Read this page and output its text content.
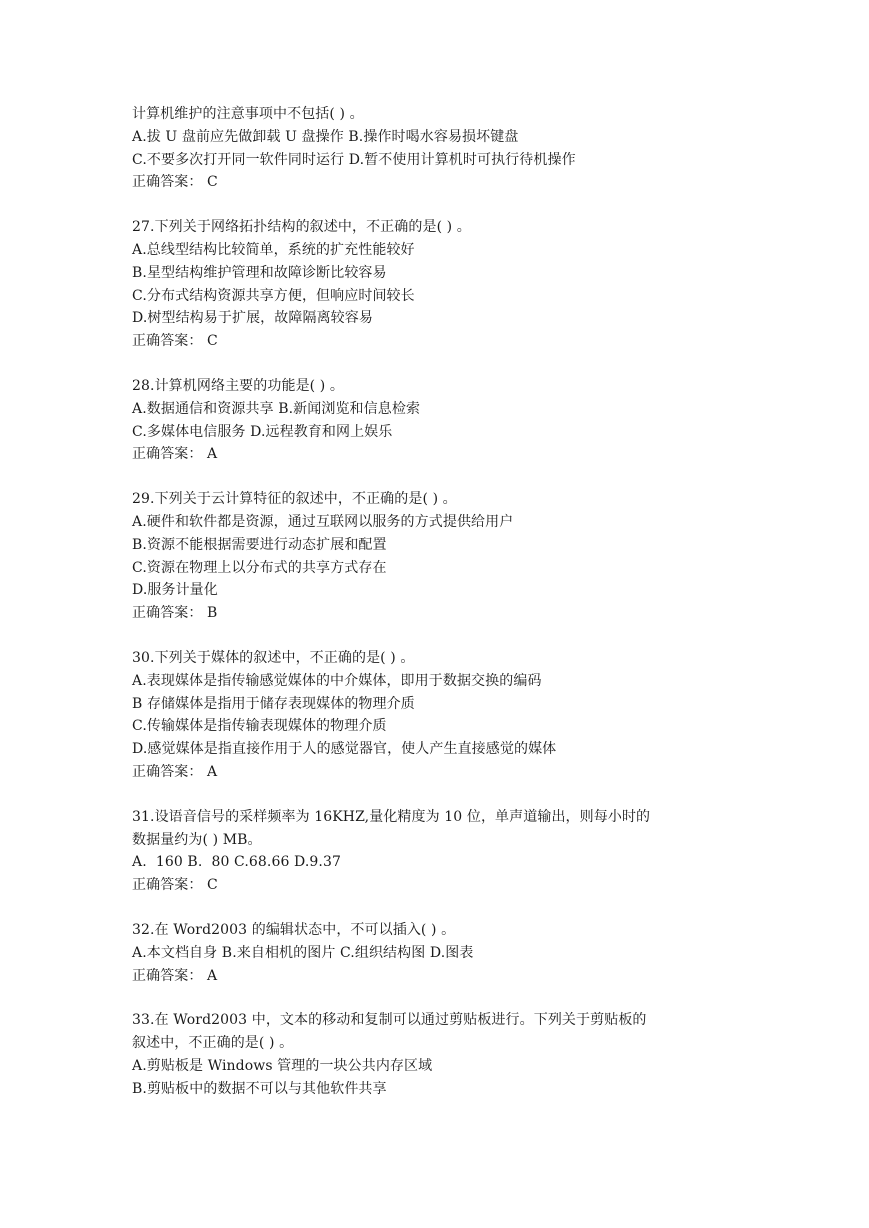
计算机维护的注意事项中不包括( ) 。
A.拔 U 盘前应先做卸载 U 盘操作 B.操作时喝水容易损坏键盘
C.不要多次打开同一软件同时运行 D.暂不使用计算机时可执行待机操作
正确答案： C
27.下列关于网络拓扑结构的叙述中，不正确的是( ) 。
A.总线型结构比较简单，系统的扩充性能较好
B.星型结构维护管理和故障诊断比较容易
C.分布式结构资源共享方便，但响应时间较长
D.树型结构易于扩展，故障隔离较容易
正确答案： C
28.计算机网络主要的功能是( ) 。
A.数据通信和资源共享 B.新闻浏览和信息检索
C.多媒体电信服务 D.远程教育和网上娱乐
正确答案： A
29.下列关于云计算特征的叙述中，不正确的是( ) 。
A.硬件和软件都是资源，通过互联网以服务的方式提供给用户
B.资源不能根据需要进行动态扩展和配置
C.资源在物理上以分布式的共享方式存在
D.服务计量化
正确答案： B
30.下列关于媒体的叙述中，不正确的是( ) 。
A.表现媒体是指传输感觉媒体的中介媒体，即用于数据交换的编码
B 存储媒体是指用于储存表现媒体的物理介质
C.传输媒体是指传输表现媒体的物理介质
D.感觉媒体是指直接作用于人的感觉器官，使人产生直接感觉的媒体
正确答案： A
31.设语音信号的采样频率为 16KHZ,量化精度为 10 位，单声道输出，则每小时的
数据量约为( ) MB。
A.  160 B.  80 C.68.66 D.9.37
正确答案： C
32.在 Word2003 的编辑状态中，不可以插入( ) 。
A.本文档自身 B.来自相机的图片 C.组织结构图 D.图表
正确答案： A
33.在 Word2003 中，文本的移动和复制可以通过剪贴板进行。下列关于剪贴板的
叙述中，不正确的是( ) 。
A.剪贴板是 Windows 管理的一块公共内存区域
B.剪贴板中的数据不可以与其他软件共享
